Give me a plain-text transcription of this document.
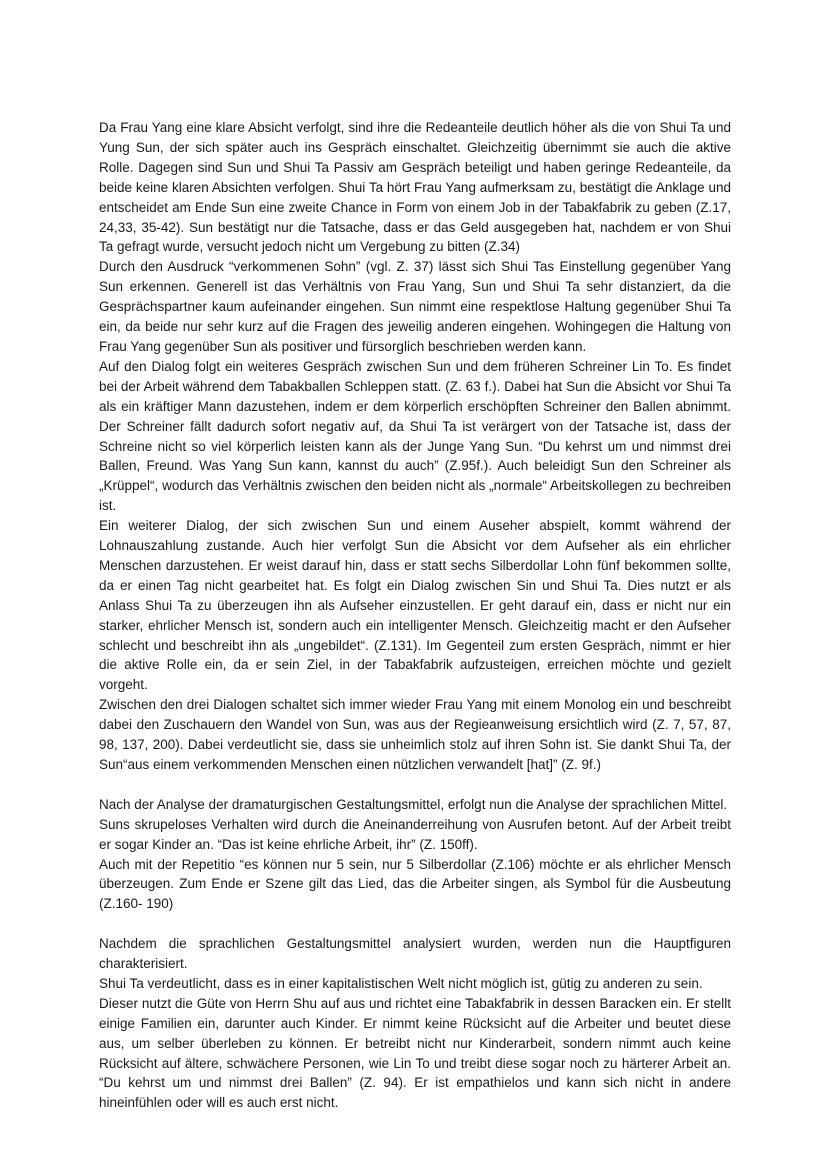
Da Frau Yang eine klare Absicht verfolgt, sind ihre die Redeanteile deutlich höher als die von Shui Ta und Yung Sun, der sich später auch ins Gespräch einschaltet. Gleichzeitig übernimmt sie auch die aktive Rolle. Dagegen sind Sun und Shui Ta Passiv am Gespräch beteiligt und haben geringe Redeanteile, da beide keine klaren Absichten verfolgen. Shui Ta hört Frau Yang aufmerksam zu, bestätigt die Anklage und entscheidet am Ende Sun eine zweite Chance in Form von einem Job in der Tabakfabrik zu geben (Z.17, 24,33, 35-42). Sun bestätigt nur die Tatsache, dass er das Geld ausgegeben hat, nachdem er von Shui Ta gefragt wurde, versucht jedoch nicht um Vergebung zu bitten (Z.34)

Durch den Ausdruck “verkommenen Sohn” (vgl. Z. 37) lässt sich Shui Tas Einstellung gegenüber Yang Sun erkennen. Generell ist das Verhältnis von Frau Yang, Sun und Shui Ta sehr distanziert, da die Gesprächspartner kaum aufeinander eingehen. Sun nimmt eine respektlose Haltung gegenüber Shui Ta ein, da beide nur sehr kurz auf die Fragen des jeweilig anderen eingehen. Wohingegen die Haltung von Frau Yang gegenüber Sun als positiver und fürsorglich beschrieben werden kann.

Auf den Dialog folgt ein weiteres Gespräch zwischen Sun und dem früheren Schreiner Lin To. Es findet bei der Arbeit während dem Tabakballen Schleppen statt. (Z. 63 f.). Dabei hat Sun die Absicht vor Shui Ta als ein kräftiger Mann dazustehen, indem er dem körperlich erschöpften Schreiner den Ballen abnimmt. Der Schreiner fällt dadurch sofort negativ auf, da Shui Ta ist verärgert von der Tatsache ist, dass der Schreine nicht so viel körperlich leisten kann als der Junge Yang Sun. “Du kehrst um und nimmst drei Ballen, Freund. Was Yang Sun kann, kannst du auch” (Z.95f.). Auch beleidigt Sun den Schreiner als „Krüppel“, wodurch das Verhältnis zwischen den beiden nicht als „normale“ Arbeitskollegen zu bechreiben ist.

Ein weiterer Dialog, der sich zwischen Sun und einem Auseher abspielt, kommt während der Lohnauszahlung zustande. Auch hier verfolgt Sun die Absicht vor dem Aufseher als ein ehrlicher Menschen darzustehen. Er weist darauf hin, dass er statt sechs Silberdollar Lohn fünf bekommen sollte, da er einen Tag nicht gearbeitet hat. Es folgt ein Dialog zwischen Sin und Shui Ta. Dies nutzt er als Anlass Shui Ta zu überzeugen ihn als Aufseher einzustellen. Er geht darauf ein, dass er nicht nur ein starker, ehrlicher Mensch ist, sondern auch ein intelligenter Mensch. Gleichzeitig macht er den Aufseher schlecht und beschreibt ihn als „ungebildet“. (Z.131). Im Gegenteil zum ersten Gespräch, nimmt er hier die aktive Rolle ein, da er sein Ziel, in der Tabakfabrik aufzusteigen, erreichen möchte und gezielt vorgeht.

Zwischen den drei Dialogen schaltet sich immer wieder Frau Yang mit einem Monolog ein und beschreibt dabei den Zuschauern den Wandel von Sun, was aus der Regieanweisung ersichtlich wird (Z. 7, 57, 87, 98, 137, 200). Dabei verdeutlicht sie, dass sie unheimlich stolz auf ihren Sohn ist. Sie dankt Shui Ta, der Sun“aus einem verkommenden Menschen einen nützlichen verwandelt [hat]” (Z. 9f.)

Nach der Analyse der dramaturgischen Gestaltungsmittel, erfolgt nun die Analyse der sprachlichen Mittel.

Suns skrupeloses Verhalten wird durch die Aneinanderreihung von Ausrufen betont. Auf der Arbeit treibt er sogar Kinder an. “Das ist keine ehrliche Arbeit, ihr” (Z. 150ff).

Auch mit der Repetitio “es können nur 5 sein, nur 5 Silberdollar (Z.106) möchte er als ehrlicher Mensch überzeugen. Zum Ende er Szene gilt das Lied, das die Arbeiter singen, als Symbol für die Ausbeutung (Z.160- 190)

Nachdem die sprachlichen Gestaltungsmittel analysiert wurden, werden nun die Hauptfiguren charakterisiert.

Shui Ta verdeutlicht, dass es in einer kapitalistischen Welt nicht möglich ist, gütig zu anderen zu sein.

Dieser nutzt die Güte von Herrn Shu auf aus und richtet eine Tabakfabrik in dessen Baracken ein. Er stellt einige Familien ein, darunter auch Kinder. Er nimmt keine Rücksicht auf die Arbeiter und beutet diese aus, um selber überleben zu können. Er betreibt nicht nur Kinderarbeit, sondern nimmt auch keine Rücksicht auf ältere, schwächere Personen, wie Lin To und treibt diese sogar noch zu härterer Arbeit an. “Du kehrst um und nimmst drei Ballen” (Z. 94). Er ist empathielos und kann sich nicht in andere hineinfühlen oder will es auch erst nicht.
